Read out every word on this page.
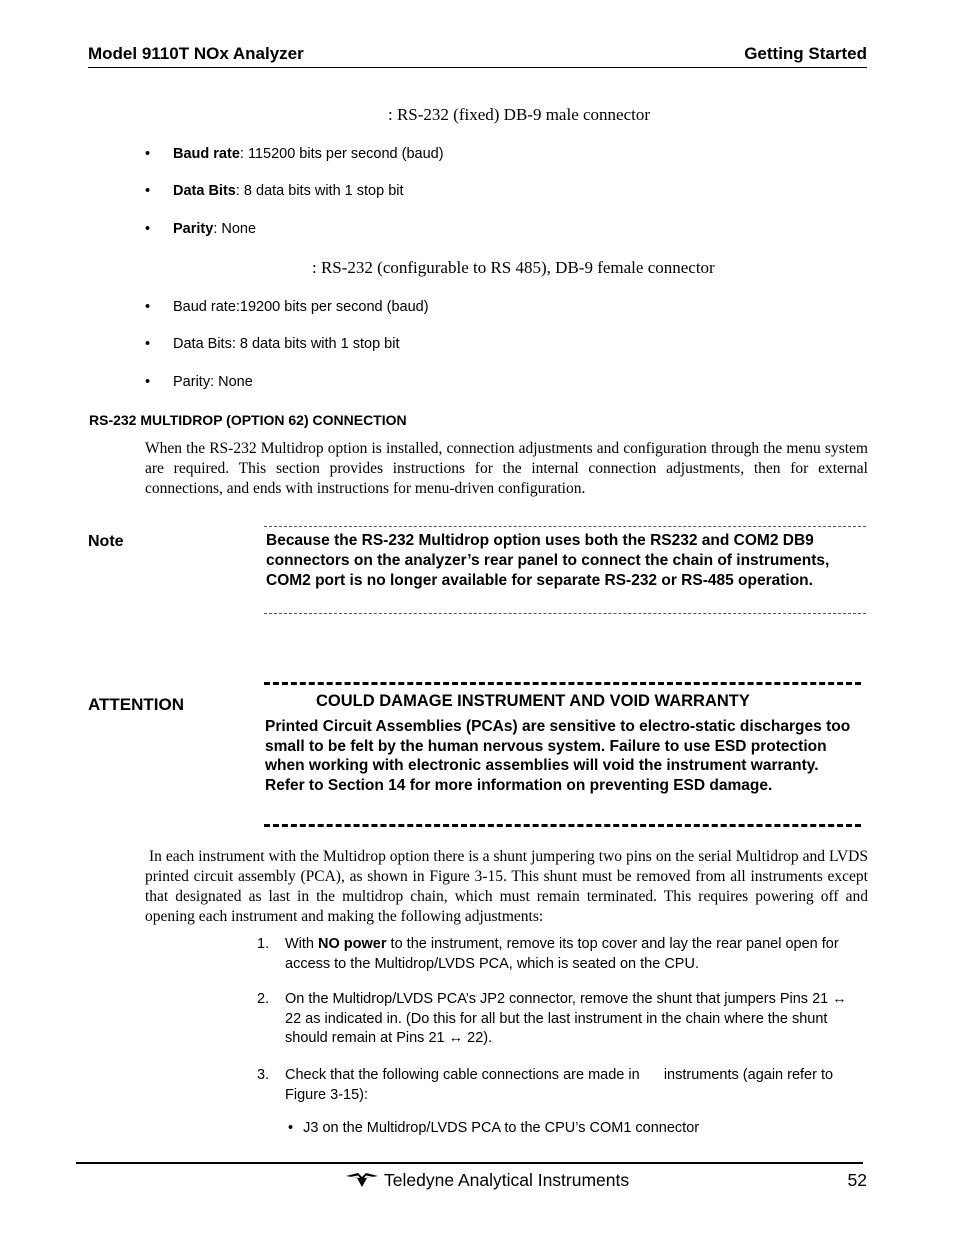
Model 9110T NOx Analyzer	Getting Started
: RS-232 (fixed) DB-9 male connector
• Baud rate: 115200 bits per second (baud)
• Data Bits: 8 data bits with 1 stop bit
• Parity: None
: RS-232 (configurable to RS 485), DB-9 female connector
• Baud rate:19200 bits per second (baud)
• Data Bits: 8 data bits with 1 stop bit
• Parity: None
RS-232 MULTIDROP (OPTION 62) CONNECTION
When the RS-232 Multidrop option is installed, connection adjustments and configuration through the menu system are required. This section provides instructions for the internal connection adjustments, then for external connections, and ends with instructions for menu-driven configuration.
Note	Because the RS-232 Multidrop option uses both the RS232 and COM2 DB9 connectors on the analyzer’s rear panel to connect the chain of instruments, COM2 port is no longer available for separate RS-232 or RS-485 operation.
ATTENTION	COULD DAMAGE INSTRUMENT AND VOID WARRANTY
Printed Circuit Assemblies (PCAs) are sensitive to electro-static discharges too small to be felt by the human nervous system. Failure to use ESD protection when working with electronic assemblies will void the instrument warranty. Refer to Section 14 for more information on preventing ESD damage.
In each instrument with the Multidrop option there is a shunt jumpering two pins on the serial Multidrop and LVDS printed circuit assembly (PCA), as shown in Figure 3-15. This shunt must be removed from all instruments except that designated as last in the multidrop chain, which must remain terminated. This requires powering off and opening each instrument and making the following adjustments:
1. With NO power to the instrument, remove its top cover and lay the rear panel open for access to the Multidrop/LVDS PCA, which is seated on the CPU.
2. On the Multidrop/LVDS PCA’s JP2 connector, remove the shunt that jumpers Pins 21 ↔ 22 as indicated in. (Do this for all but the last instrument in the chain where the shunt should remain at Pins 21 ↔ 22).
3. Check that the following cable connections are made in      instruments (again refer to Figure 3-15):
• J3 on the Multidrop/LVDS PCA to the CPU’s COM1 connector
Teledyne Analytical Instruments	52
